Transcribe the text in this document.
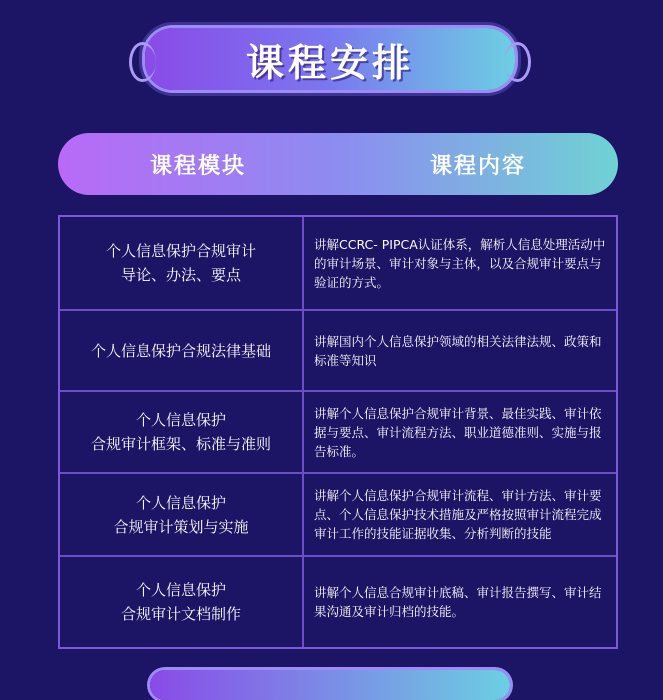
课程安排
课程模块	课程内容
个人信息保护合规审计
导论、办法、要点
讲解CCRC- PIPCA认证体系，解析人信息处理活动中的审计场景、审计对象与主体，以及合规审计要点与验证的方式。
个人信息保护合规法律基础
讲解国内个人信息保护领域的相关法律法规、政策和标准等知识
个人信息保护
合规审计框架、标准与准则
讲解个人信息保护合规审计背景、最佳实践、审计依据与要点、审计流程方法、职业道德准则、实施与报告标准。
个人信息保护
合规审计策划与实施
讲解个人信息保护合规审计流程、审计方法、审计要点、个人信息保护技术措施及严格按照审计流程完成审计工作的技能证据收集、分析判断的技能
个人信息保护
合规审计文档制作
讲解个人信息合规审计底稿、审计报告撰写、审计结果沟通及审计归档的技能。
